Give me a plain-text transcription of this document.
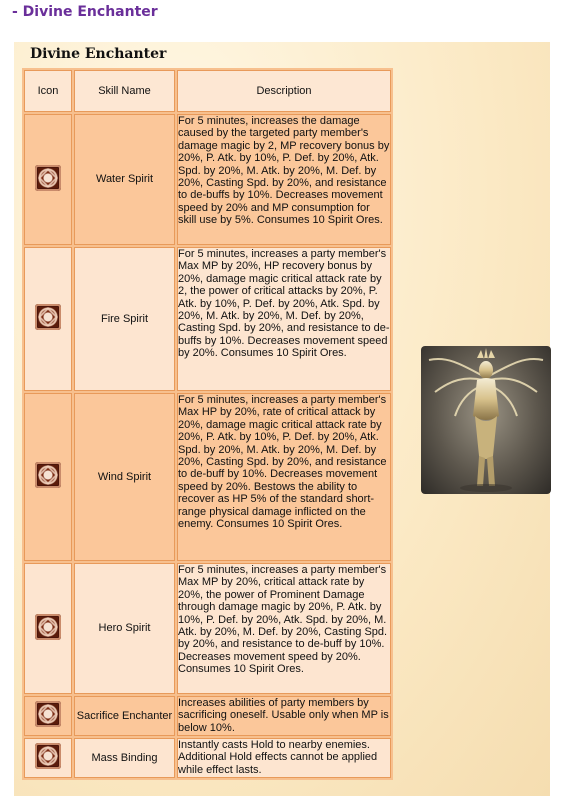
- Divine Enchanter
Divine Enchanter
Icon	Skill Name	Description
	Water Spirit	For 5 minutes, increases the damage caused by the targeted party member's damage magic by 2, MP recovery bonus by 20%, P. Atk. by 10%, P. Def. by 20%, Atk. Spd. by 20%, M. Atk. by 20%, M. Def. by 20%, Casting Spd. by 20%, and resistance to de-buffs by 10%. Decreases movement speed by 20% and MP consumption for skill use by 5%. Consumes 10 Spirit Ores.
	Fire Spirit	For 5 minutes, increases a party member's Max MP by 20%, HP recovery bonus by 20%, damage magic critical attack rate by 2, the power of critical attacks by 20%, P. Atk. by 10%, P. Def. by 20%, Atk. Spd. by 20%, M. Atk. by 20%, M. Def. by 20%, Casting Spd. by 20%, and resistance to de-buffs by 10%. Decreases movement speed by 20%. Consumes 10 Spirit Ores.
	Wind Spirit	For 5 minutes, increases a party member's Max HP by 20%, rate of critical attack by 20%, damage magic critical attack rate by 20%, P. Atk. by 10%, P. Def. by 20%, Atk. Spd. by 20%, M. Atk. by 20%, M. Def. by 20%, Casting Spd. by 20%, and resistance to de-buff by 10%. Decreases movement speed by 20%. Bestows the ability to recover as HP 5% of the standard short-range physical damage inflicted on the enemy. Consumes 10 Spirit Ores.
	Hero Spirit	For 5 minutes, increases a party member's Max MP by 20%, critical attack rate by 20%, the power of Prominent Damage through damage magic by 20%, P. Atk. by 10%, P. Def. by 20%, Atk. Spd. by 20%, M. Atk. by 20%, M. Def. by 20%, Casting Spd. by 20%, and resistance to de-buff by 10%. Decreases movement speed by 20%. Consumes 10 Spirit Ores.
	Sacrifice Enchanter	Increases abilities of party members by sacrificing oneself. Usable only when MP is below 10%.
	Mass Binding	Instantly casts Hold to nearby enemies. Additional Hold effects cannot be applied while effect lasts.
